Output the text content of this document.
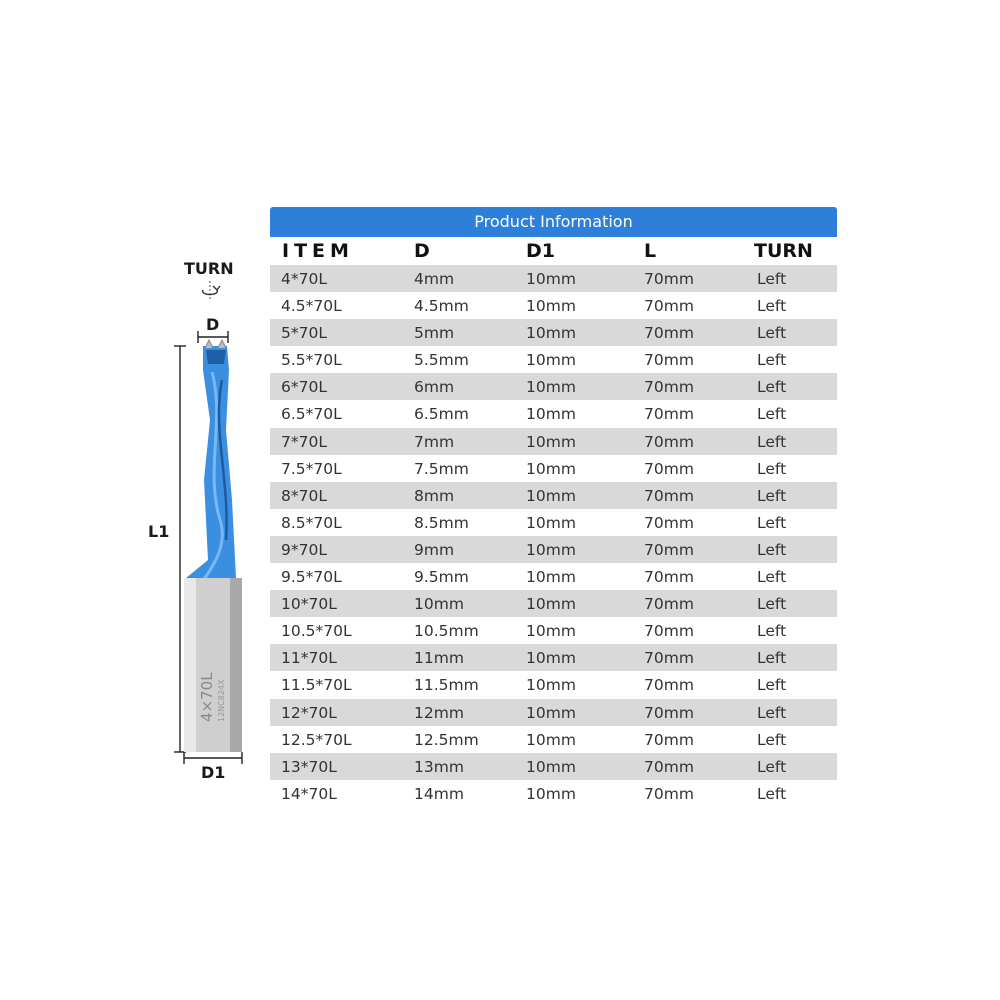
TURN
D
L1
4×70L 12NC824X
D1
Product Information
ITEM	D	D1	L	TURN
4*70L	4mm	10mm	70mm	Left
4.5*70L	4.5mm	10mm	70mm	Left
5*70L	5mm	10mm	70mm	Left
5.5*70L	5.5mm	10mm	70mm	Left
6*70L	6mm	10mm	70mm	Left
6.5*70L	6.5mm	10mm	70mm	Left
7*70L	7mm	10mm	70mm	Left
7.5*70L	7.5mm	10mm	70mm	Left
8*70L	8mm	10mm	70mm	Left
8.5*70L	8.5mm	10mm	70mm	Left
9*70L	9mm	10mm	70mm	Left
9.5*70L	9.5mm	10mm	70mm	Left
10*70L	10mm	10mm	70mm	Left
10.5*70L	10.5mm	10mm	70mm	Left
11*70L	11mm	10mm	70mm	Left
11.5*70L	11.5mm	10mm	70mm	Left
12*70L	12mm	10mm	70mm	Left
12.5*70L	12.5mm	10mm	70mm	Left
13*70L	13mm	10mm	70mm	Left
14*70L	14mm	10mm	70mm	Left
